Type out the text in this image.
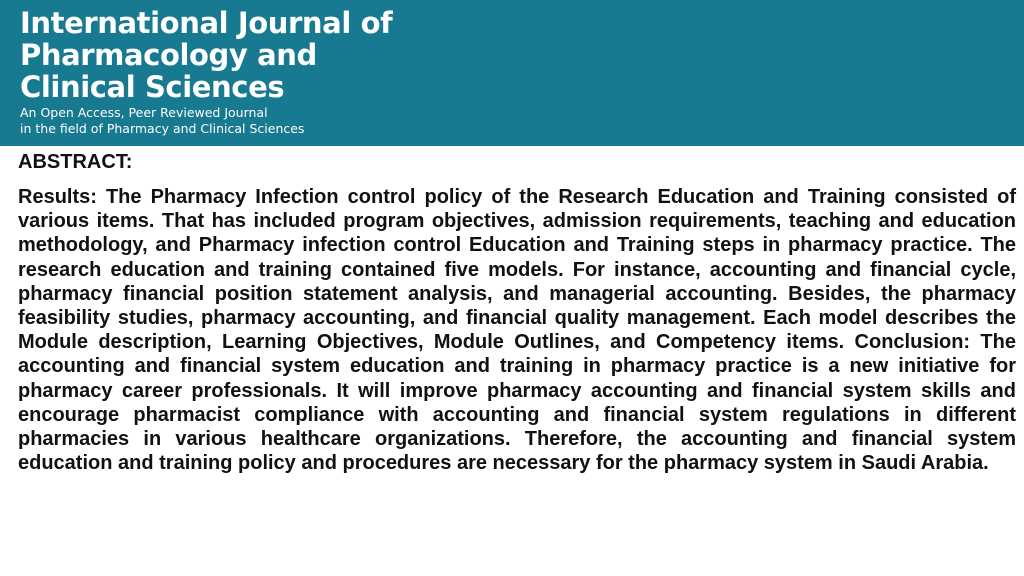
International Journal of
Pharmacology and
Clinical Sciences
An Open Access, Peer Reviewed Journal
in the field of Pharmacy and Clinical Sciences
ABSTRACT:

Results: The Pharmacy Infection control policy of the Research Education and Training consisted of various items. That has included program objectives, admission requirements, teaching and education methodology, and Pharmacy infection control Education and Training steps in pharmacy practice. The research education and training contained five models. For instance, accounting and financial cycle, pharmacy financial position statement analysis, and managerial accounting. Besides, the pharmacy feasibility studies, pharmacy accounting, and financial quality management. Each model describes the Module description, Learning Objectives, Module Outlines, and Competency items. Conclusion: The accounting and financial system education and training in pharmacy practice is a new initiative for pharmacy career professionals. It will improve pharmacy accounting and financial system skills and encourage pharmacist compliance with accounting and financial system regulations in different pharmacies in various healthcare organizations. Therefore, the accounting and financial system education and training policy and procedures are necessary for the pharmacy system in Saudi Arabia.
